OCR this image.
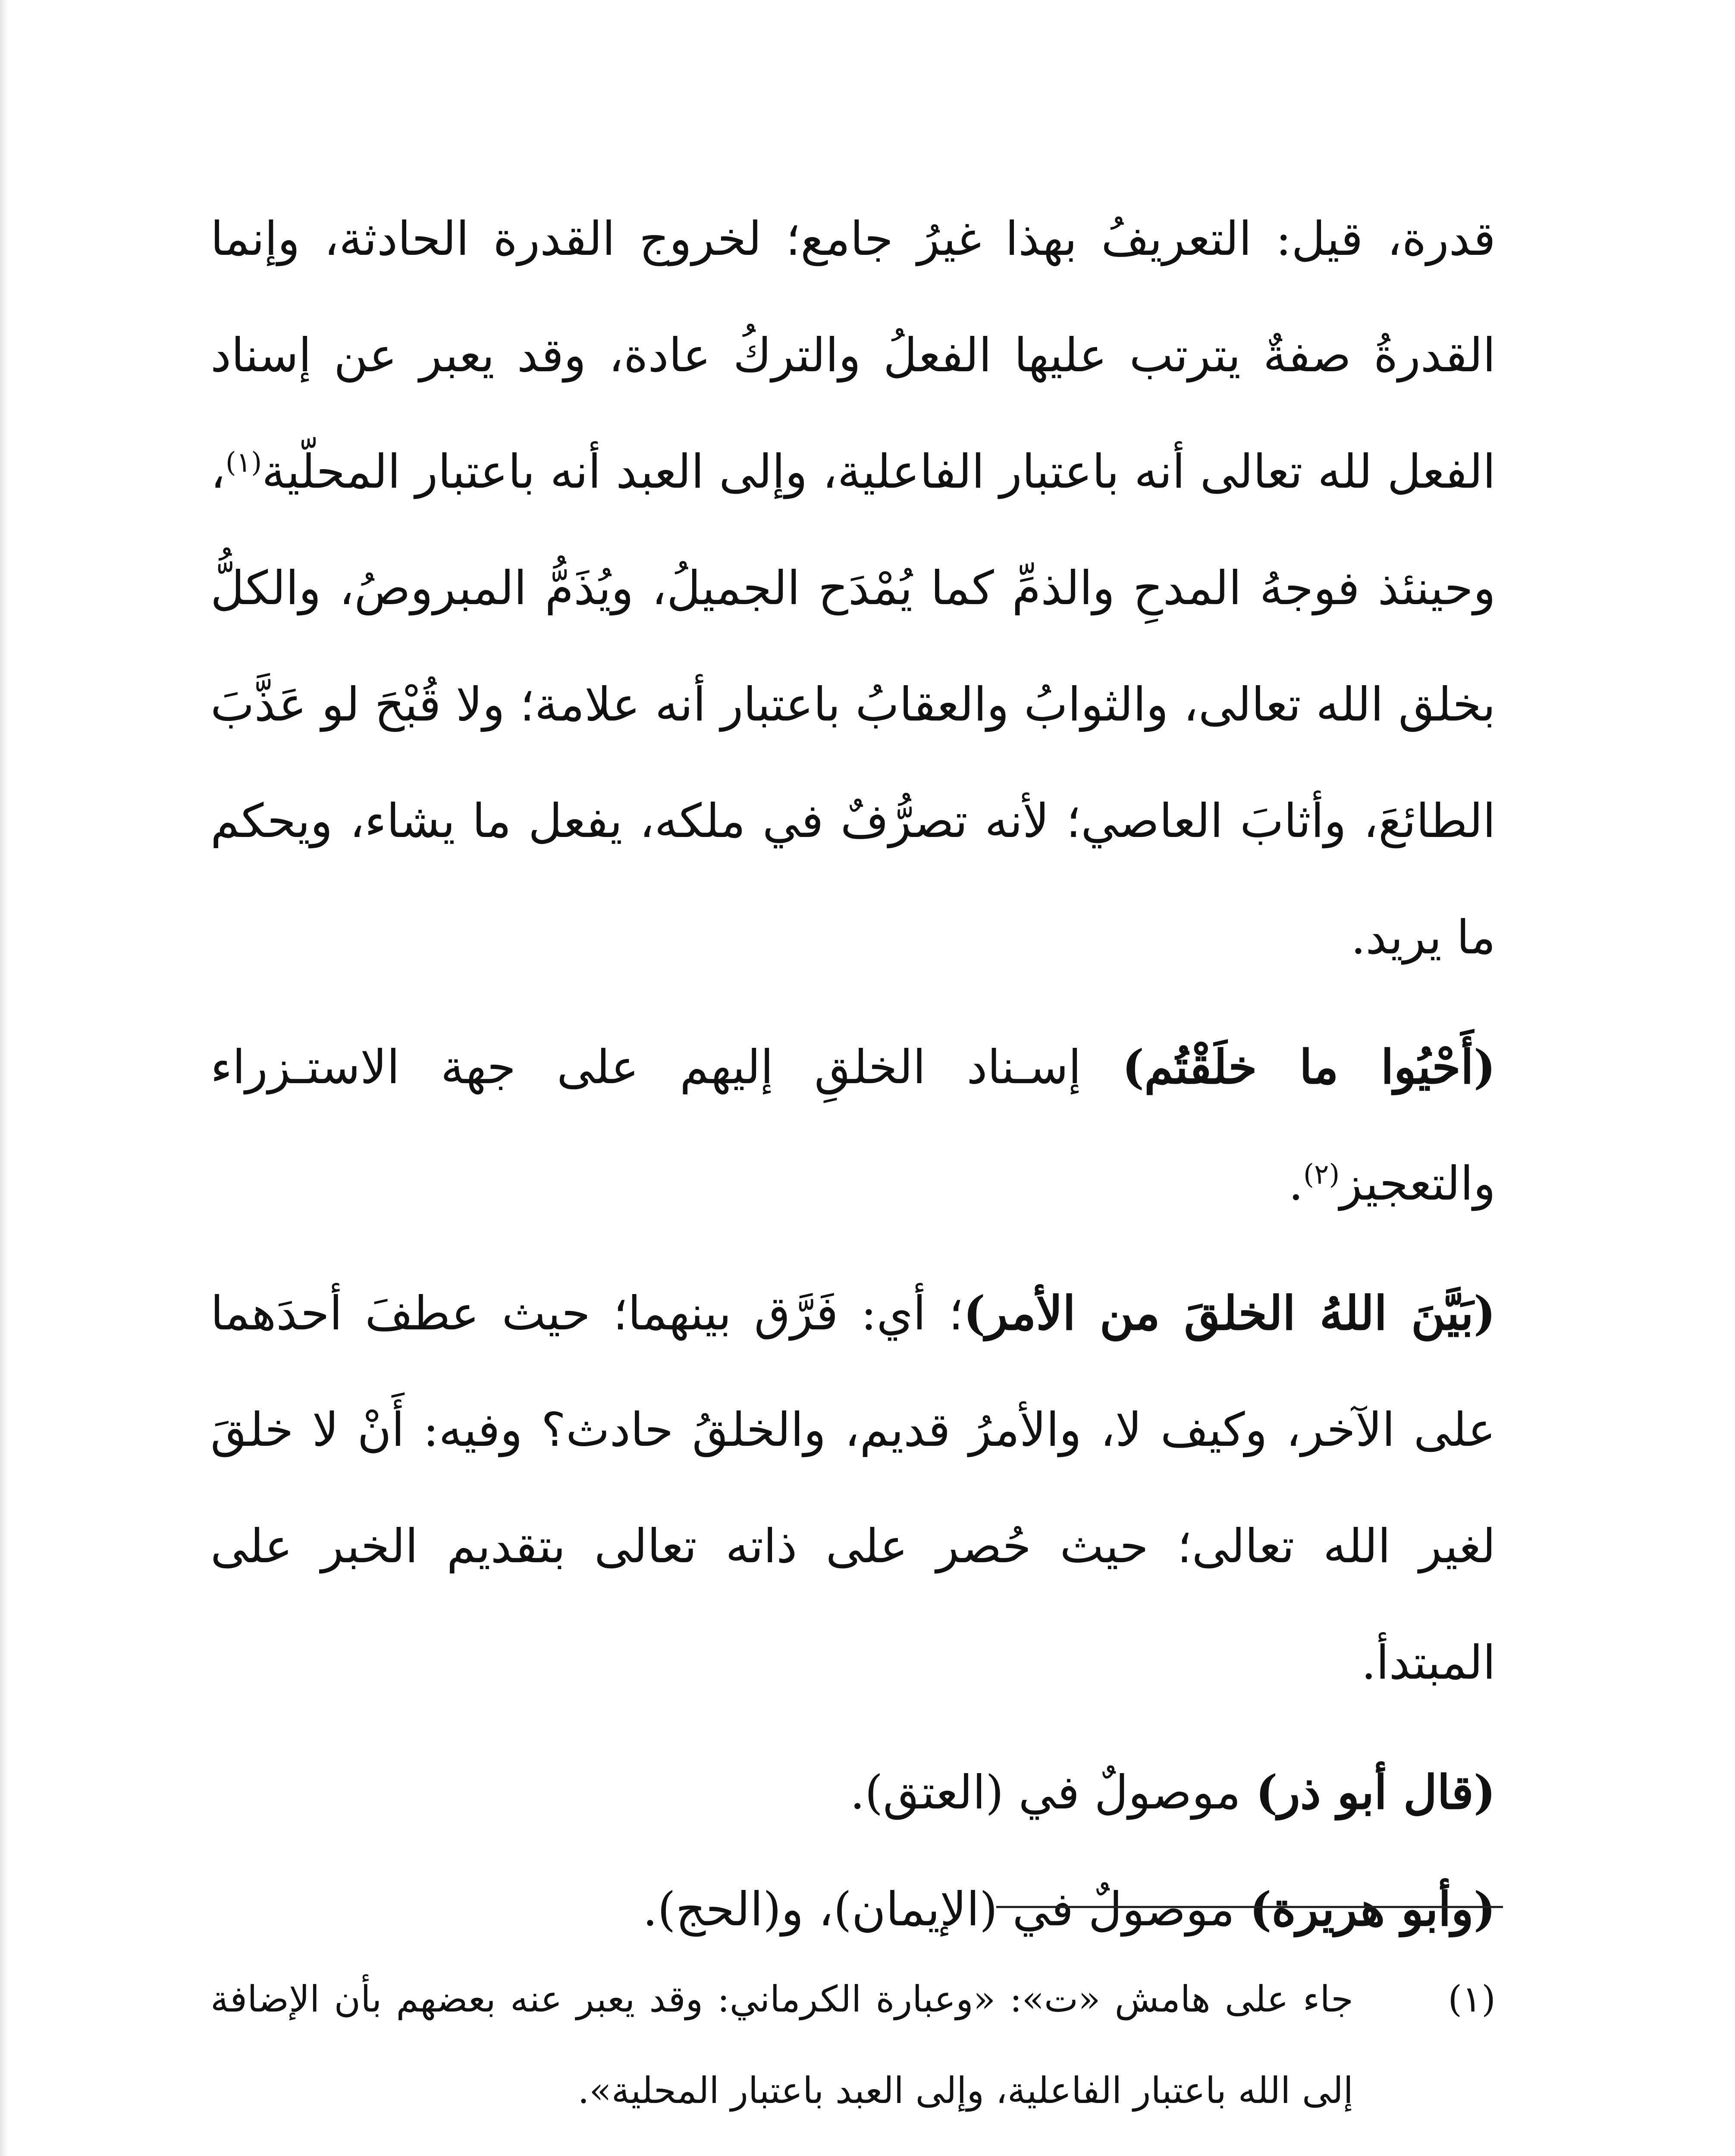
قدرة، قيل: التعريفُ بهذا غيرُ جامع؛ لخروج القدرة الحادثة، وإنما القدرةُ صفةٌ يترتب عليها الفعلُ والتركُ عادة، وقد يعبر عن إسناد الفعل لله تعالى أنه باعتبار الفاعلية، وإلى العبد أنه باعتبار المحلّية$^{(١)}$، وحينئذ فوجهُ المدحِ والذمِّ كما يُمْدَح الجميلُ، ويُذَمُّ المبروصُ، والكلُّ بخلق الله تعالى، والثوابُ والعقابُ باعتبار أنه علامة؛ ولا قُبْحَ لو عَذَّبَ الطائعَ، وأثابَ العاصي؛ لأنه تصرُّفٌ في ملكه، يفعل ما يشاء، ويحكم ما يريد.

(أَحْيُوا ما خلَقْتُم) إسـناد الخلقِ إليهم على جهة الاستـزراء والتعجيز$^{(٢)}$.

(بَيَّنَ اللهُ الخلقَ من الأمر)؛ أي: فَرَّق بينهما؛ حيث عطفَ أحدَهما على الآخر، وكيف لا، والأمرُ قديم، والخلقُ حادث؟ وفيه: أَنْ لا خلقَ لغير الله تعالى؛ حيث حُصر على ذاته تعالى بتقديم الخبر على المبتدأ.

(قال أبو ذر) موصولٌ في (العتق).

(وأبو هريرة) موصولٌ في (الإيمان)، و(الحج).

(١)
جاء على هامش «ت»: «وعبارة الكرماني: وقد يعبر عنه بعضهم بأن الإضافة إلى الله باعتبار الفاعلية، وإلى العبد باعتبار المحلية».
